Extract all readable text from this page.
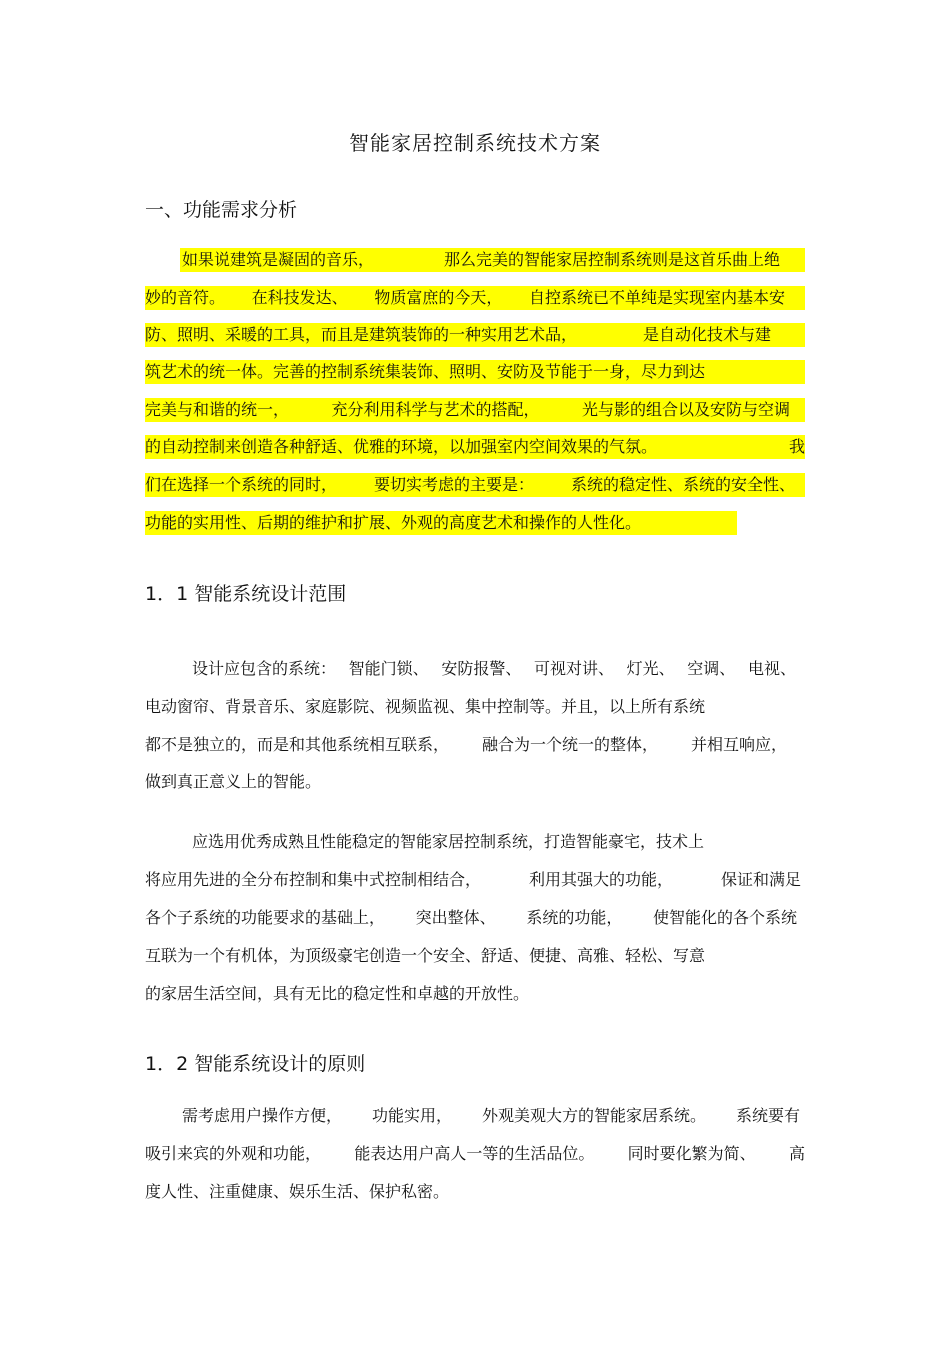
智能家居控制系统技术方案
一、功能需求分析
如果说建筑是凝固的音乐，	那么完美的智能家居控制系统则是这首乐曲上绝
妙的音符。 在科技发达、 物质富庶的今天， 自控系统已不单纯是实现室内基本安
防、照明、采暖的工具，而且是建筑装饰的一种实用艺术品，	是自动化技术与建
筑艺术的统一体。完善的控制系统集装饰、照明、安防及节能于一身，尽力到达
完美与和谐的统一，	充分利用科学与艺术的搭配，	光与影的组合以及安防与空调
的自动控制来创造各种舒适、优雅的环境，以加强室内空间效果的气氛。	我
们在选择一个系统的同时， 要切实考虑的主要是： 系统的稳定性、系统的安全性、
功能的实用性、后期的维护和扩展、外观的高度艺术和操作的人性化。
1．1 智能系统设计范围
设计应包含的系统： 智能门锁、 安防报警、 可视对讲、 灯光、 空调、 电视、
电动窗帘、背景音乐、家庭影院、视频监视、集中控制等。并且，以上所有系统
都不是独立的，而是和其他系统相互联系， 融合为一个统一的整体， 并相互响应，
做到真正意义上的智能。
应选用优秀成熟且性能稳定的智能家居控制系统，打造智能豪宅，技术上
将应用先进的全分布控制和集中式控制相结合，	利用其强大的功能，	保证和满足
各个子系统的功能要求的基础上， 突出整体、 系统的功能， 使智能化的各个系统
互联为一个有机体，为顶级豪宅创造一个安全、舒适、便捷、高雅、轻松、写意
的家居生活空间，具有无比的稳定性和卓越的开放性。
1．2 智能系统设计的原则
需考虑用户操作方便， 功能实用， 外观美观大方的智能家居系统。 系统要有
吸引来宾的外观和功能， 能表达用户高人一等的生活品位。 同时要化繁为简、 高
度人性、注重健康、娱乐生活、保护私密。
